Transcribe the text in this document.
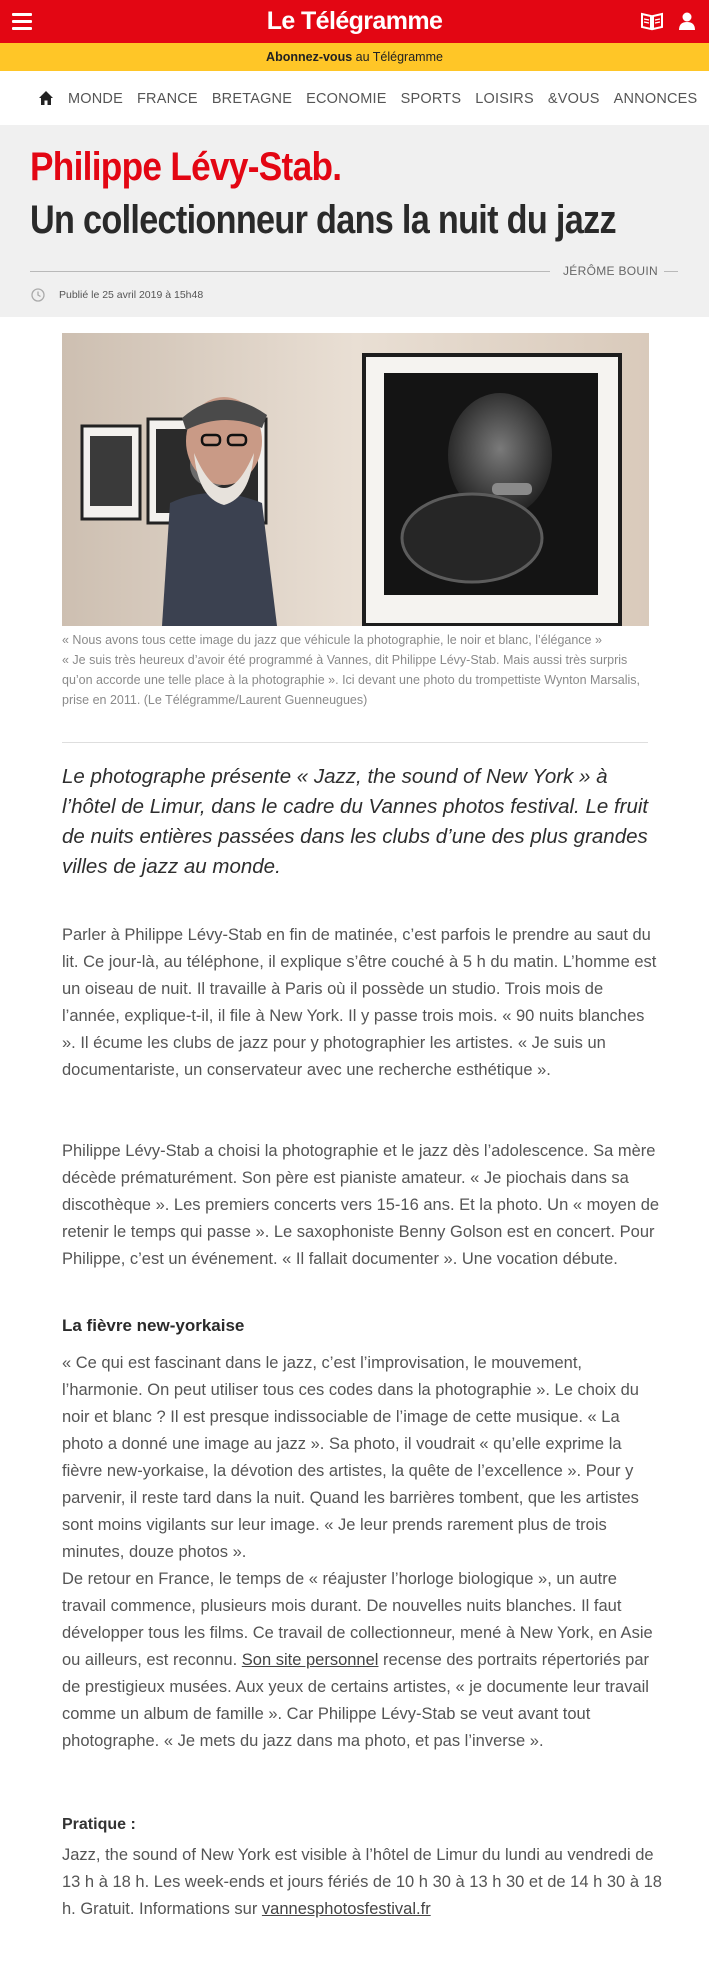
Le Télégramme
Abonnez-vous au Télégramme
MONDE FRANCE BRETAGNE ECONOMIE SPORTS LOISIRS &VOUS ANNONCES
Philippe Lévy-Stab.
Un collectionneur dans la nuit du jazz
JÉRÔME BOUIN
Publié le 25 avril 2019 à 15h48
« Nous avons tous cette image du jazz que véhicule la photographie, le noir et blanc, l’élégance »
« Je suis très heureux d’avoir été programmé à Vannes, dit Philippe Lévy-Stab. Mais aussi très surpris qu’on accorde une telle place à la photographie ». Ici devant une photo du trompettiste Wynton Marsalis, prise en 2011. (Le Télégramme/Laurent Guenneugues)
Le photographe présente « Jazz, the sound of New York » à l’hôtel de Limur, dans le cadre du Vannes photos festival. Le fruit de nuits entières passées dans les clubs d’une des plus grandes villes de jazz au monde.
Parler à Philippe Lévy-Stab en fin de matinée, c’est parfois le prendre au saut du lit. Ce jour-là, au téléphone, il explique s’être couché à 5 h du matin. L’homme est un oiseau de nuit. Il travaille à Paris où il possède un studio. Trois mois de l’année, explique-t-il, il file à New York. Il y passe trois mois. « 90 nuits blanches ». Il écume les clubs de jazz pour y photographier les artistes. « Je suis un documentariste, un conservateur avec une recherche esthétique ».
Philippe Lévy-Stab a choisi la photographie et le jazz dès l’adolescence. Sa mère décède prématurément. Son père est pianiste amateur. « Je piochais dans sa discothèque ». Les premiers concerts vers 15-16 ans. Et la photo. Un « moyen de retenir le temps qui passe ». Le saxophoniste Benny Golson est en concert. Pour Philippe, c’est un événement. « Il fallait documenter ». Une vocation débute.
La fièvre new-yorkaise
« Ce qui est fascinant dans le jazz, c’est l’improvisation, le mouvement, l’harmonie. On peut utiliser tous ces codes dans la photographie ». Le choix du noir et blanc ? Il est presque indissociable de l’image de cette musique. « La photo a donné une image au jazz ». Sa photo, il voudrait « qu’elle exprime la fièvre new-yorkaise, la dévotion des artistes, la quête de l’excellence ». Pour y parvenir, il reste tard dans la nuit. Quand les barrières tombent, que les artistes sont moins vigilants sur leur image. « Je leur prends rarement plus de trois minutes, douze photos ».
De retour en France, le temps de « réajuster l’horloge biologique », un autre travail commence, plusieurs mois durant. De nouvelles nuits blanches. Il faut développer tous les films. Ce travail de collectionneur, mené à New York, en Asie ou ailleurs, est reconnu. Son site personnel recense des portraits répertoriés par de prestigieux musées. Aux yeux de certains artistes, « je documente leur travail comme un album de famille ». Car Philippe Lévy-Stab se veut avant tout photographe. « Je mets du jazz dans ma photo, et pas l’inverse ».
Pratique :
Jazz, the sound of New York est visible à l’hôtel de Limur du lundi au vendredi de 13 h à 18 h. Les week-ends et jours fériés de 10 h 30 à 13 h 30 et de 14 h 30 à 18 h. Gratuit. Informations sur vannesphotosfestival.fr
